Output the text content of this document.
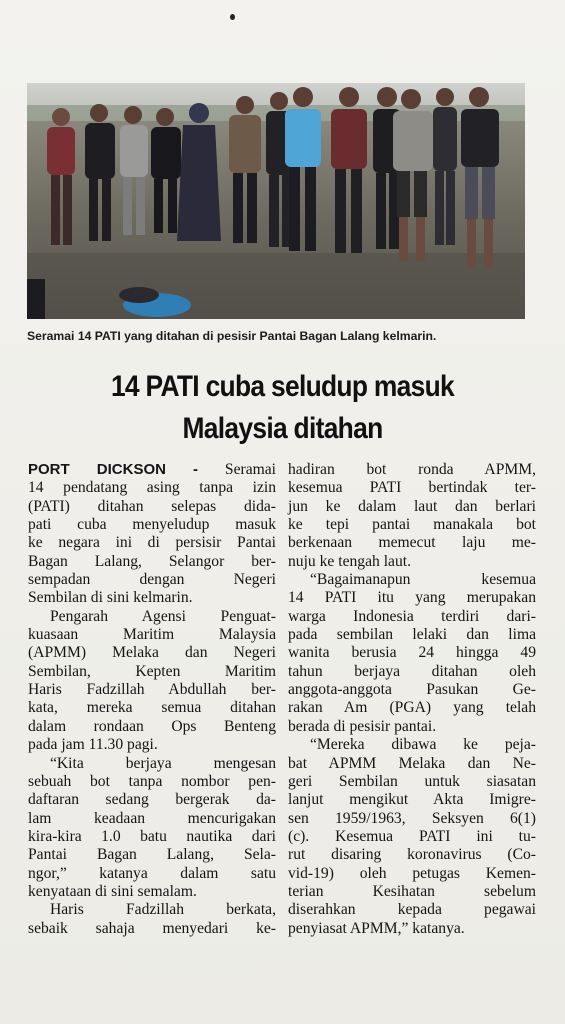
Seramai 14 PATI yang ditahan di pesisir Pantai Bagan Lalang kelmarin.
14 PATI cuba seludup masuk
Malaysia ditahan
PORT DICKSON - Seramai
14 pendatang asing tanpa izin
(PATI) ditahan selepas dida-
pati cuba menyeludup masuk
ke negara ini di persisir Pantai
Bagan Lalang, Selangor ber-
sempadan dengan Negeri
Sembilan di sini kelmarin.
Pengarah Agensi Penguat-
kuasaan Maritim Malaysia
(APMM) Melaka dan Negeri
Sembilan, Kepten Maritim
Haris Fadzillah Abdullah ber-
kata, mereka semua ditahan
dalam rondaan Ops Benteng
pada jam 11.30 pagi.
“Kita berjaya mengesan
sebuah bot tanpa nombor pen-
daftaran sedang bergerak da-
lam keadaan mencurigakan
kira-kira 1.0 batu nautika dari
Pantai Bagan Lalang, Sela-
ngor,” katanya dalam satu
kenyataan di sini semalam.
Haris Fadzillah berkata,
sebaik sahaja menyedari ke-
hadiran bot ronda APMM,
kesemua PATI bertindak ter-
jun ke dalam laut dan berlari
ke tepi pantai manakala bot
berkenaan memecut laju me-
nuju ke tengah laut.
“Bagaimanapun kesemua
14 PATI itu yang merupakan
warga Indonesia terdiri dari-
pada sembilan lelaki dan lima
wanita berusia 24 hingga 49
tahun berjaya ditahan oleh
anggota-anggota Pasukan Ge-
rakan Am (PGA) yang telah
berada di pesisir pantai.
“Mereka dibawa ke peja-
bat APMM Melaka dan Ne-
geri Sembilan untuk siasatan
lanjut mengikut Akta Imigre-
sen 1959/1963, Seksyen 6(1)
(c). Kesemua PATI ini tu-
rut disaring koronavirus (Co-
vid-19) oleh petugas Kemen-
terian Kesihatan sebelum
diserahkan kepada pegawai
penyiasat APMM,” katanya.
